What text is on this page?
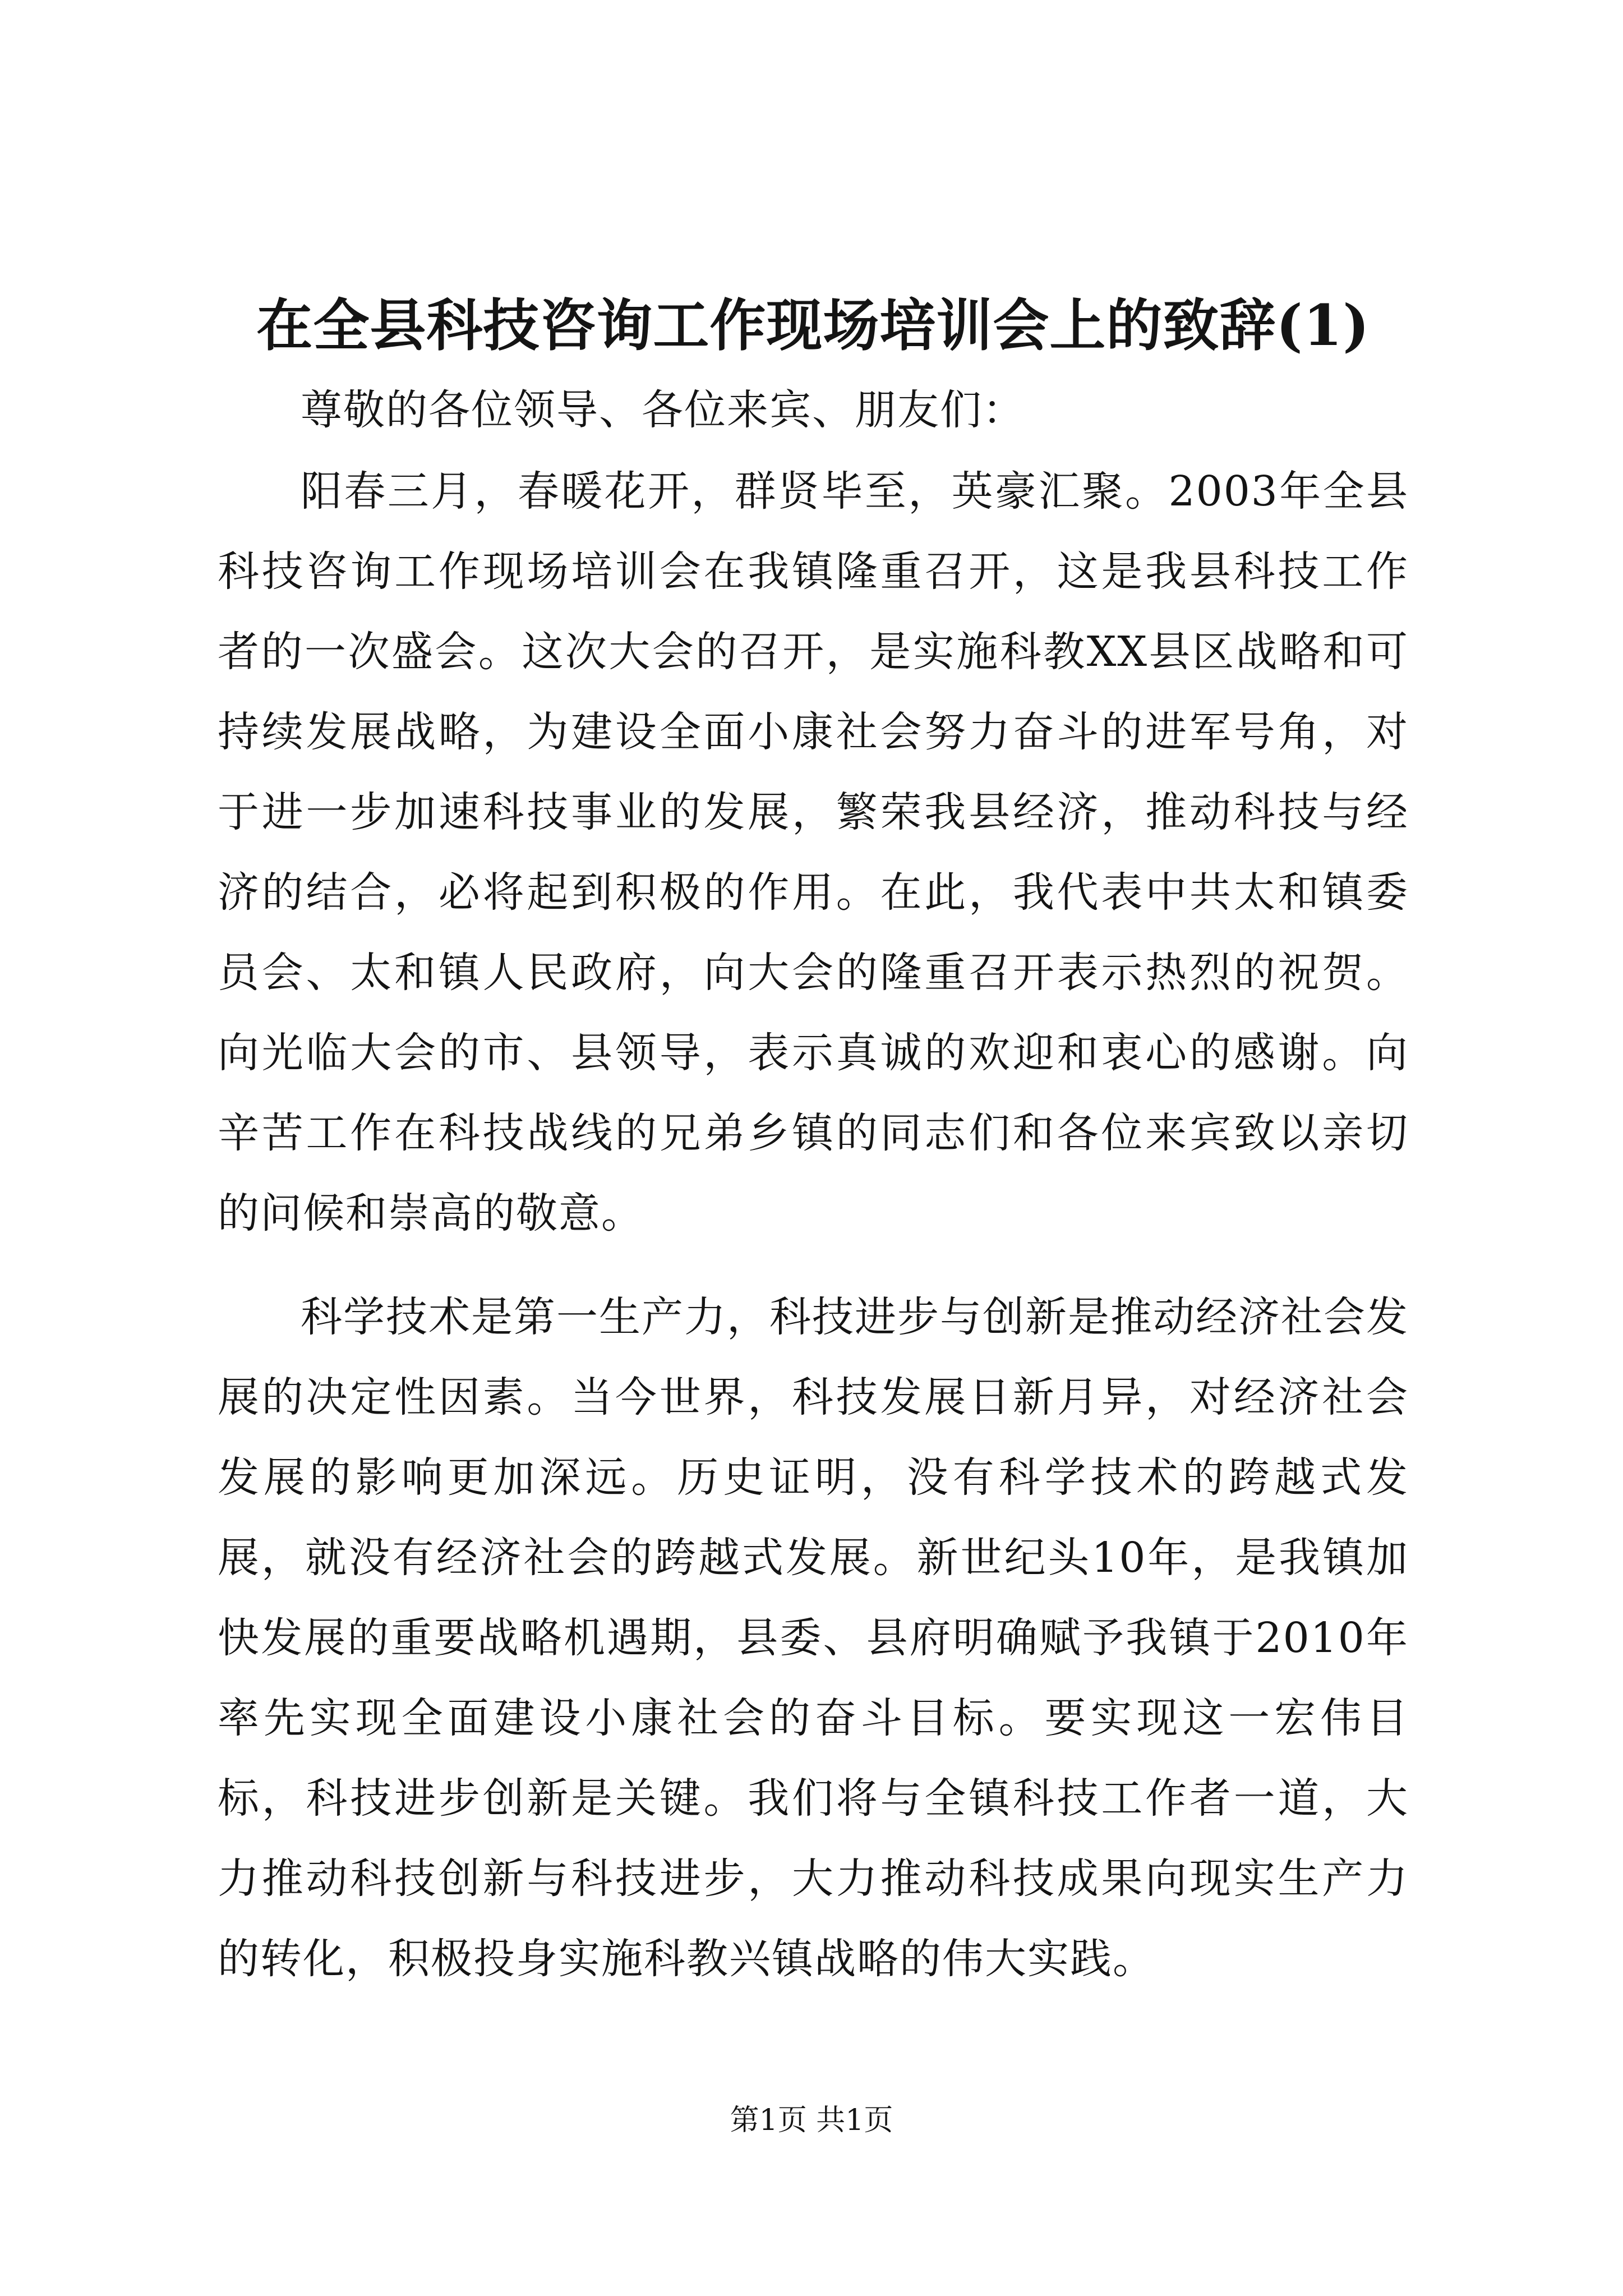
在全县科技咨询工作现场培训会上的致辞(1)

尊敬的各位领导、各位来宾、朋友们：

阳春三月，春暖花开，群贤毕至，英豪汇聚。2003年全县科技咨询工作现场培训会在我镇隆重召开，这是我县科技工作者的一次盛会。这次大会的召开，是实施科教XX县区战略和可持续发展战略，为建设全面小康社会努力奋斗的进军号角，对于进一步加速科技事业的发展，繁荣我县经济，推动科技与经济的结合，必将起到积极的作用。在此，我代表中共太和镇委员会、太和镇人民政府，向大会的隆重召开表示热烈的祝贺。向光临大会的市、县领导，表示真诚的欢迎和衷心的感谢。向辛苦工作在科技战线的兄弟乡镇的同志们和各位来宾致以亲切的问候和崇高的敬意。

科学技术是第一生产力，科技进步与创新是推动经济社会发展的决定性因素。当今世界，科技发展日新月异，对经济社会发展的影响更加深远。历史证明，没有科学技术的跨越式发展，就没有经济社会的跨越式发展。新世纪头10年，是我镇加快发展的重要战略机遇期，县委、县府明确赋予我镇于2010年率先实现全面建设小康社会的奋斗目标。要实现这一宏伟目标，科技进步创新是关键。我们将与全镇科技工作者一道，大力推动科技创新与科技进步，大力推动科技成果向现实生产力的转化，积极投身实施科教兴镇战略的伟大实践。

第1页 共1页
